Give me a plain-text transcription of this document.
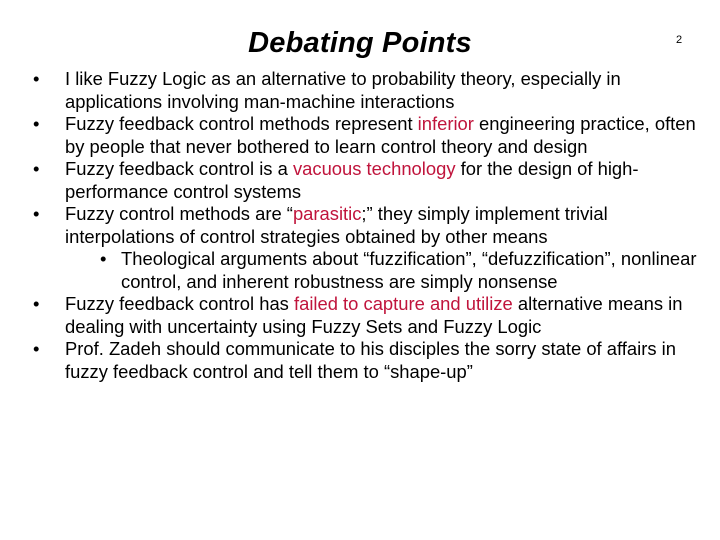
Debating Points	2
• I like Fuzzy Logic as an alternative to probability theory, especially in applications involving man-machine interactions
• Fuzzy feedback control methods represent inferior engineering practice, often by people that never bothered to learn control theory and design
• Fuzzy feedback control is a vacuous technology for the design of high-performance control systems
• Fuzzy control methods are “parasitic;” they simply implement trivial interpolations of control strategies obtained by other means
• Theological arguments about “fuzzification”, “defuzzification”, nonlinear control, and inherent robustness are simply nonsense
• Fuzzy feedback control has failed to capture and utilize alternative means in dealing with uncertainty using Fuzzy Sets and Fuzzy Logic
• Prof. Zadeh should communicate to his disciples the sorry state of affairs in fuzzy feedback control and tell them to “shape-up”
